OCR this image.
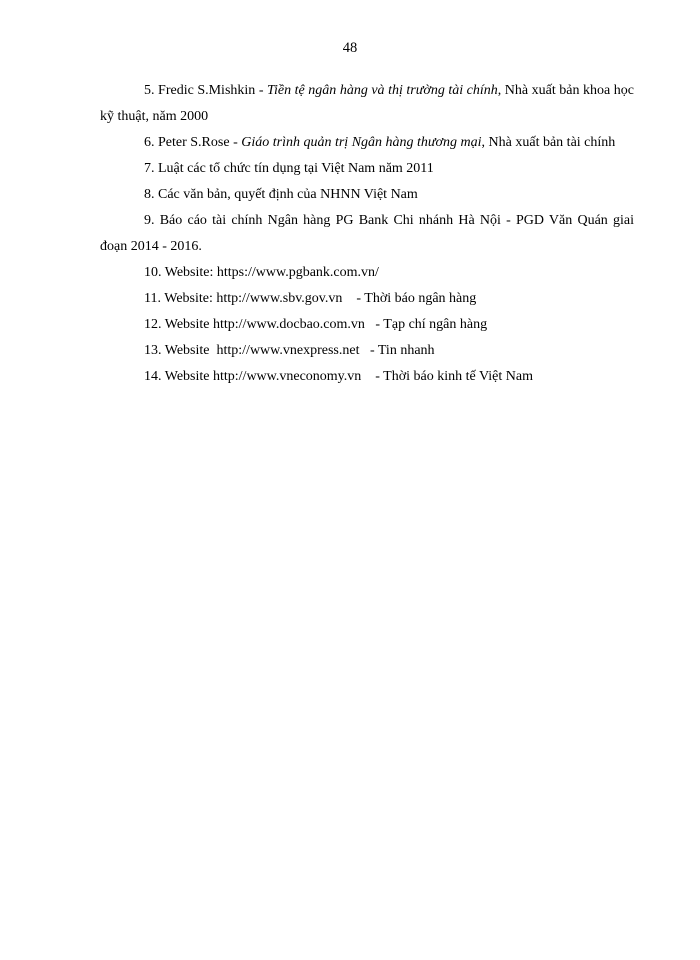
48

5. Fredic S.Mishkin - Tiền tệ ngân hàng và thị trường tài chính, Nhà xuất bản khoa học kỹ thuật, năm 2000

6. Peter S.Rose - Giáo trình quản trị Ngân hàng thương mại, Nhà xuất bản tài chính

7. Luật các tổ chức tín dụng tại Việt Nam năm 2011

8. Các văn bản, quyết định của NHNN Việt Nam

9. Báo cáo tài chính Ngân hàng PG Bank Chi nhánh Hà Nội - PGD Văn Quán giai đoạn 2014 - 2016.

10. Website: https://www.pgbank.com.vn/

11. Website: http://www.sbv.gov.vn    - Thời báo ngân hàng

12. Website http://www.docbao.com.vn   - Tạp chí ngân hàng

13. Website  http://www.vnexpress.net   - Tin nhanh

14. Website http://www.vneconomy.vn    - Thời báo kinh tế Việt Nam
